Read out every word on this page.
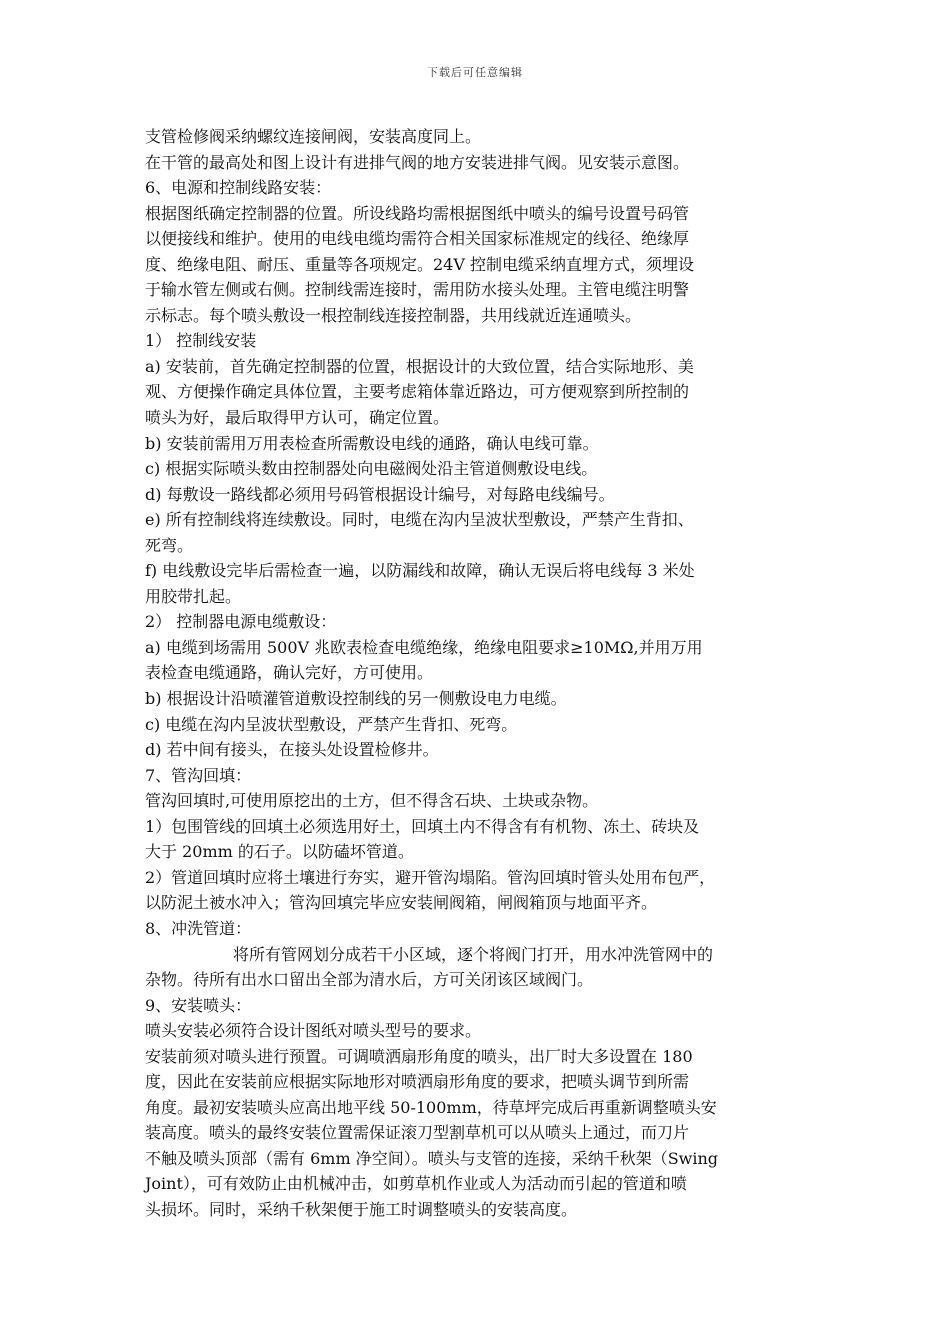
下载后可任意编辑
支管检修阀采纳螺纹连接闸阀，安装高度同上。
在干管的最高处和图上设计有进排气阀的地方安装进排气阀。见安装示意图。
6、电源和控制线路安装：
根据图纸确定控制器的位置。所设线路均需根据图纸中喷头的编号设置号码管
以便接线和维护。使用的电线电缆均需符合相关国家标准规定的线径、绝缘厚
度、绝缘电阻、耐压、重量等各项规定。24V 控制电缆采纳直埋方式，须埋设
于输水管左侧或右侧。控制线需连接时，需用防水接头处理。主管电缆注明警
示标志。每个喷头敷设一根控制线连接控制器，共用线就近连通喷头。
1） 控制线安装
a) 安装前，首先确定控制器的位置，根据设计的大致位置，结合实际地形、美
观、方便操作确定具体位置，主要考虑箱体靠近路边，可方便观察到所控制的
喷头为好，最后取得甲方认可，确定位置。
b) 安装前需用万用表检查所需敷设电线的通路，确认电线可靠。
c) 根据实际喷头数由控制器处向电磁阀处沿主管道侧敷设电线。
d) 每敷设一路线都必须用号码管根据设计编号，对每路电线编号。
e) 所有控制线将连续敷设。同时，电缆在沟内呈波状型敷设，严禁产生背扣、
死弯。
f) 电线敷设完毕后需检查一遍，以防漏线和故障，确认无误后将电线每 3 米处
用胶带扎起。
2） 控制器电源电缆敷设：
a) 电缆到场需用 500V 兆欧表检查电缆绝缘，绝缘电阻要求≥10MΩ,并用万用
表检查电缆通路，确认完好，方可使用。
b) 根据设计沿喷灌管道敷设控制线的另一侧敷设电力电缆。
c) 电缆在沟内呈波状型敷设，严禁产生背扣、死弯。
d) 若中间有接头，在接头处设置检修井。
7、管沟回填：
管沟回填时,可使用原挖出的土方，但不得含石块、土块或杂物。
1）包围管线的回填土必须选用好土，回填土内不得含有有机物、冻土、砖块及
大于 20mm 的石子。以防磕坏管道。
2）管道回填时应将土壤进行夯实，避开管沟塌陷。管沟回填时管头处用布包严，
以防泥土被水冲入；管沟回填完毕应安装闸阀箱，闸阀箱顶与地面平齐。
8、冲洗管道：
将所有管网划分成若干小区域，逐个将阀门打开，用水冲洗管网中的
杂物。待所有出水口留出全部为清水后，方可关闭该区域阀门。
9、安装喷头：
喷头安装必须符合设计图纸对喷头型号的要求。
安装前须对喷头进行预置。可调喷洒扇形角度的喷头，出厂时大多设置在 180
度，因此在安装前应根据实际地形对喷洒扇形角度的要求，把喷头调节到所需
角度。最初安装喷头应高出地平线 50-100mm，待草坪完成后再重新调整喷头安
装高度。喷头的最终安装位置需保证滚刀型割草机可以从喷头上通过，而刀片
不触及喷头顶部（需有 6mm 净空间）。喷头与支管的连接，采纳千秋架（Swing
Joint），可有效防止由机械冲击，如剪草机作业或人为活动而引起的管道和喷
头损坏。同时，采纳千秋架便于施工时调整喷头的安装高度。
